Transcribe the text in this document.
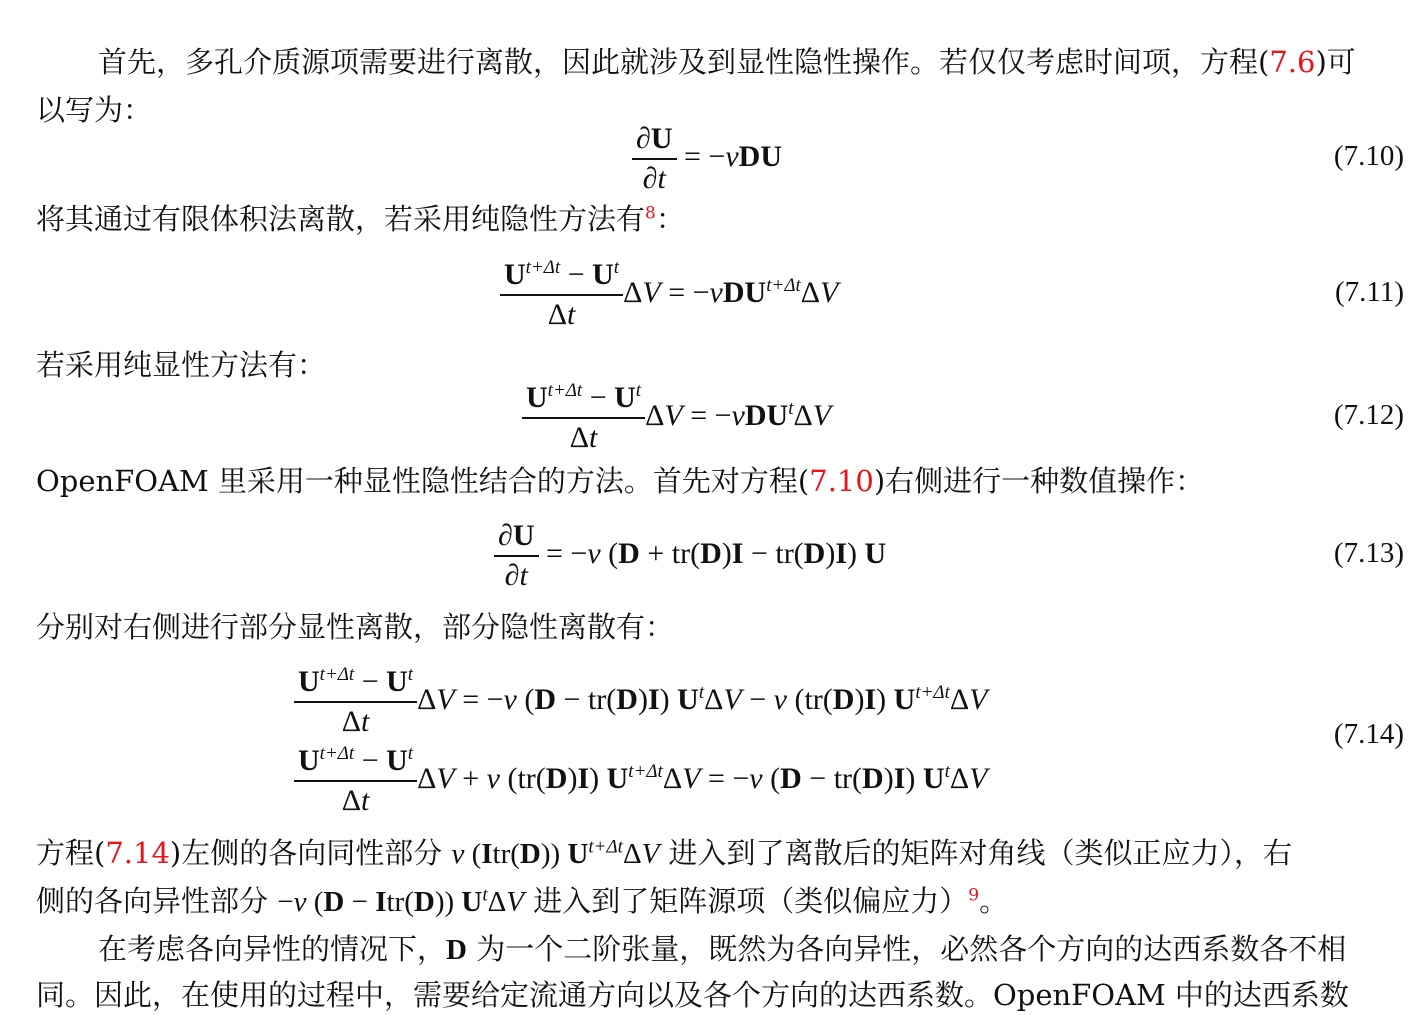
首先，多孔介质源项需要进行离散，因此就涉及到显性隐性操作。若仅仅考虑时间项，方程(7.6)可
以写为：
$\frac{\partial U}{\partial t} = -\nu DU$	(7.10)
将其通过有限体积法离散，若采用纯隐性方法有$^8$：
$\frac{U^{t+\Delta t} - U^t}{\Delta t}$ ΔV = −νDU$^{t+\Delta t}$ΔV	(7.11)
若采用纯显性方法有：
$\frac{U^{t+\Delta t} - U^t}{\Delta t}$ ΔV = −νDU$^t$ΔV	(7.12)
OpenFOAM 里采用一种显性隐性结合的方法。首先对方程(7.10)右侧进行一种数值操作：
$\frac{\partial U}{\partial t} = -\nu$ (D + tr(D)I − tr(D)I) U	(7.13)
分别对右侧进行部分显性离散，部分隐性离散有：
$\frac{U^{t+\Delta t} - U^t}{\Delta t}$ ΔV = −ν (D − tr(D)I) $U^t\Delta V - \nu$ (tr(D)I) $U^{t+\Delta t}\Delta V$
$\frac{U^{t+\Delta t} - U^t}{\Delta t}$ ΔV + ν (tr(D)I) $U^{t+\Delta t}\Delta V = -\nu$ (D − tr(D)I) $U^t\Delta V$
(7.14)
方程(7.14)左侧的各向同性部分 ν (Itr(D)) $U^{t+\Delta t}\Delta V$ 进入到了离散后的矩阵对角线（类似正应力），右
侧的各向异性部分 −ν (D − Itr(D)) $U^t\Delta V$ 进入到了矩阵源项（类似偏应力）$^9$。
在考虑各向异性的情况下，D 为一个二阶张量，既然为各向异性，必然各个方向的达西系数各不相
同。因此，在使用的过程中，需要给定流通方向以及各个方向的达西系数。OpenFOAM 中的达西系数
